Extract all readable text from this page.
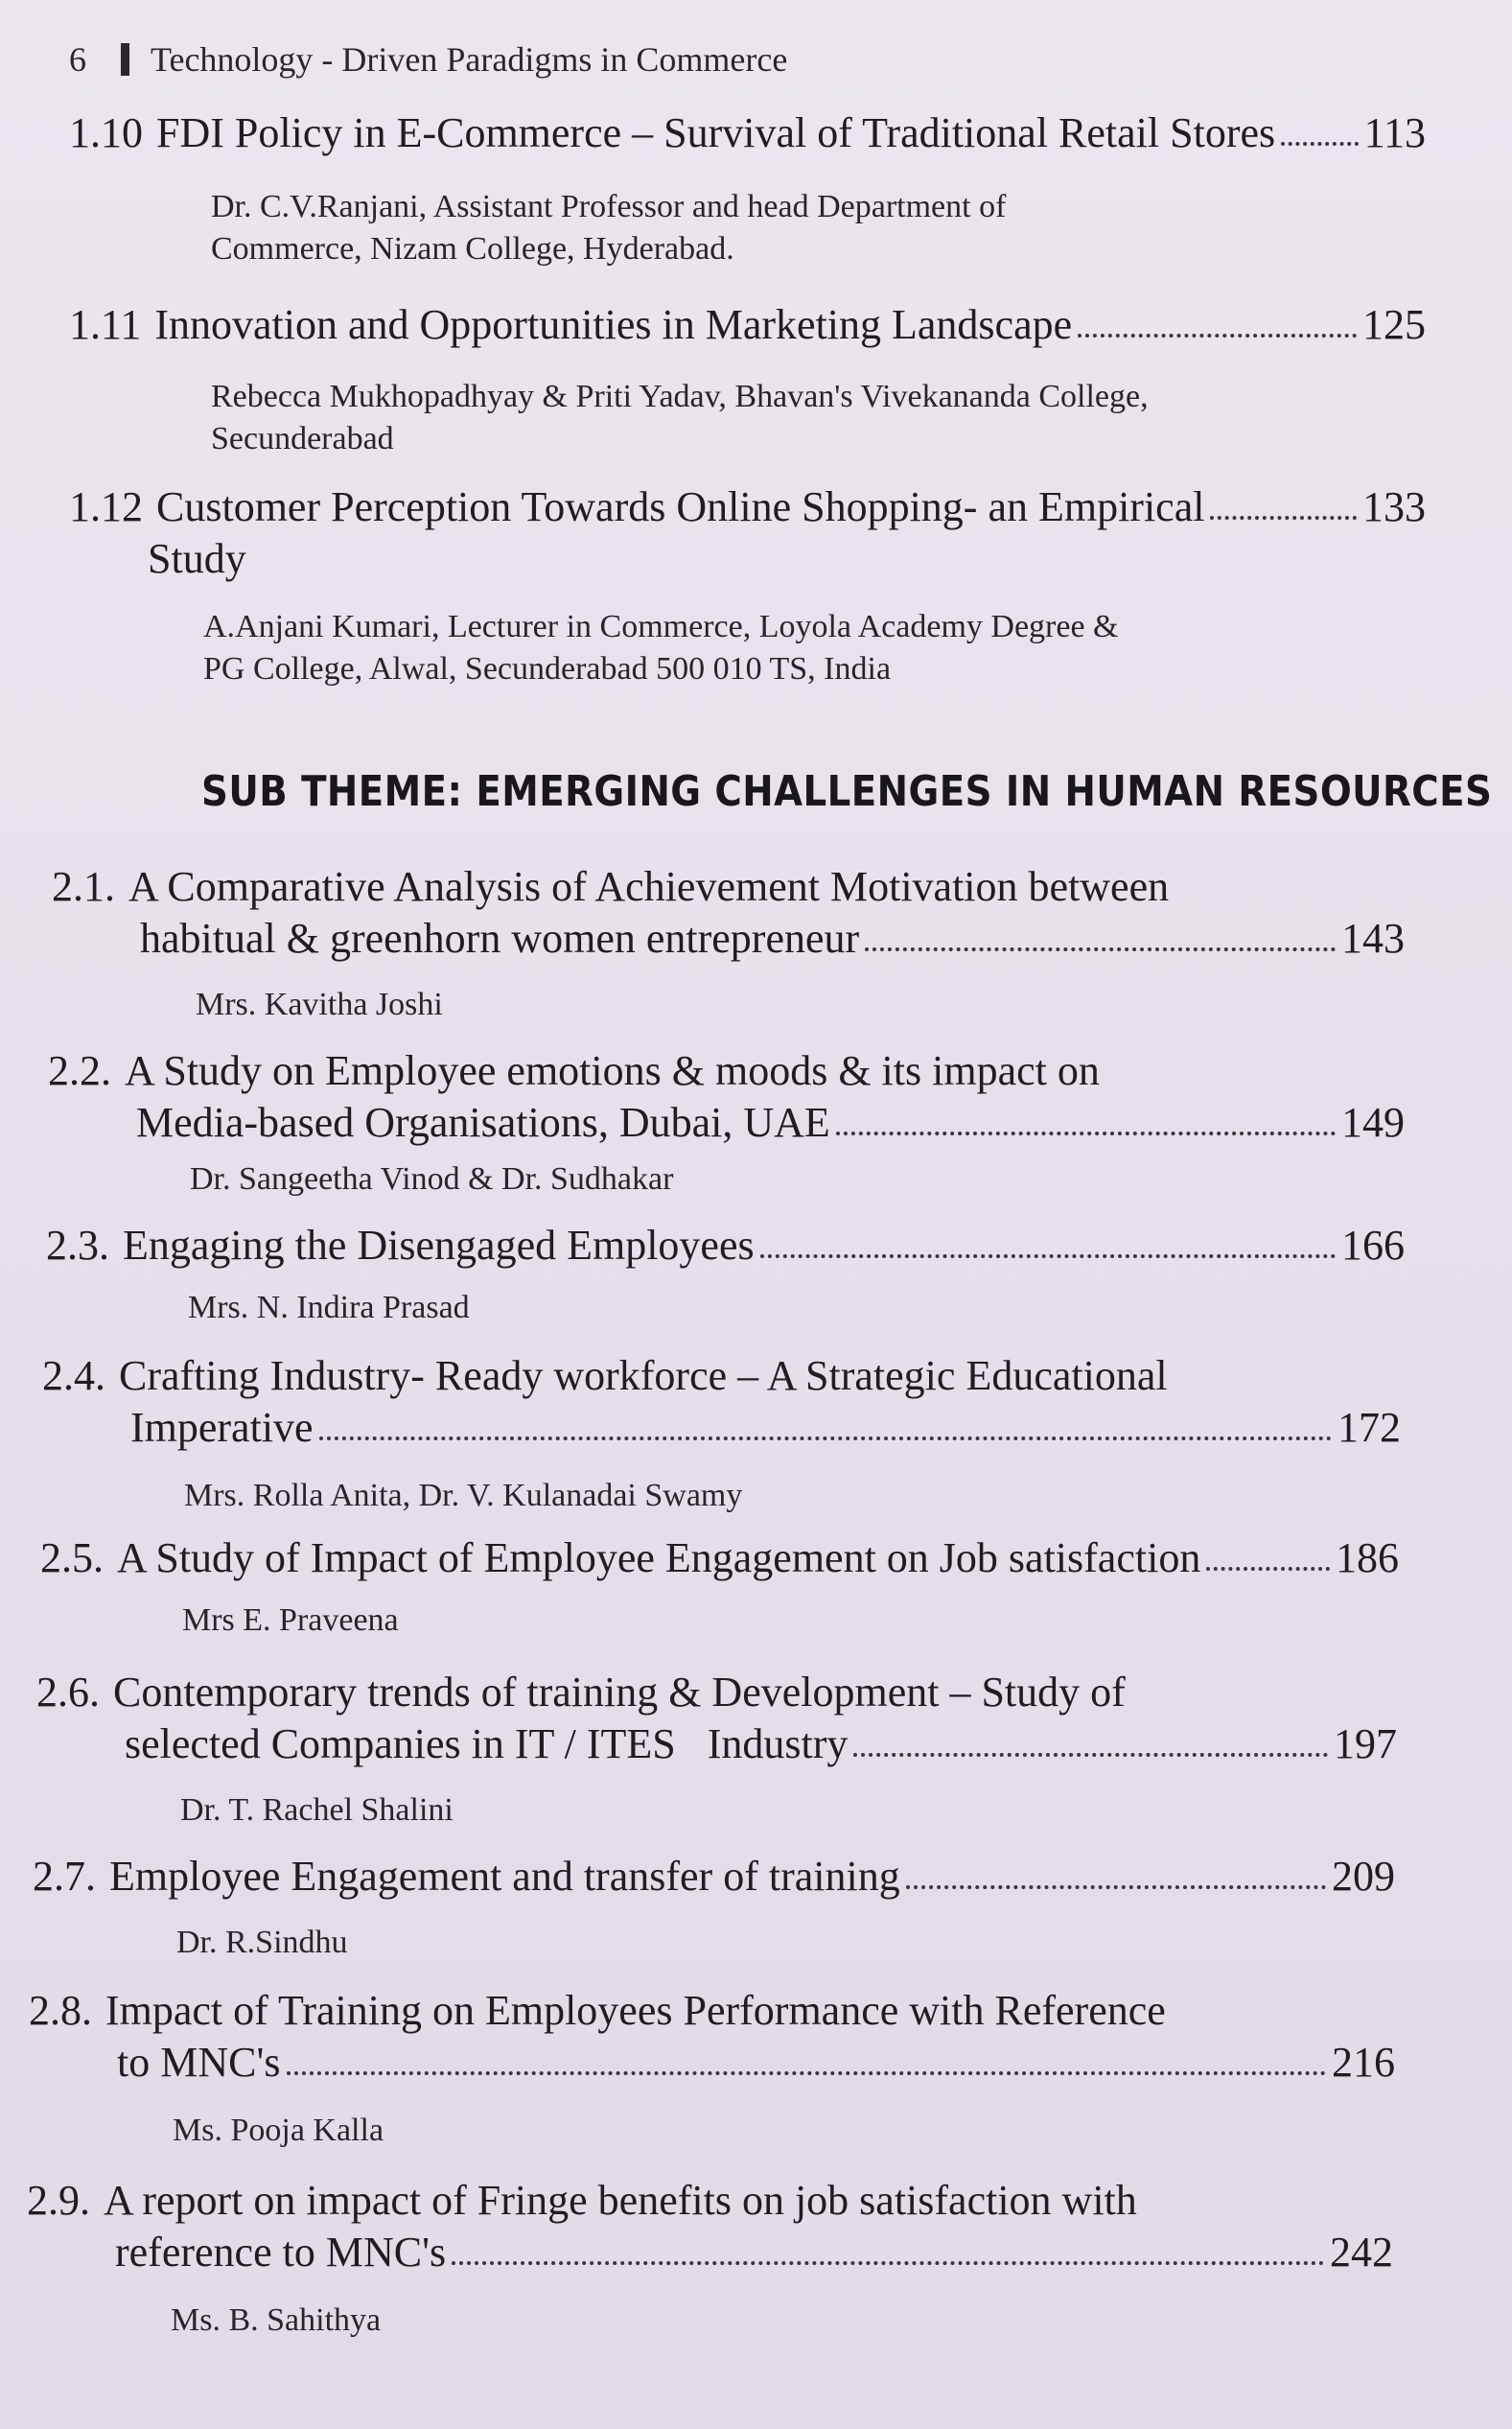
6 Technology - Driven Paradigms in Commerce
1.10 FDI Policy in E-Commerce – Survival of Traditional Retail Stores 113
Dr. C.V.Ranjani, Assistant Professor and head Department of
Commerce, Nizam College, Hyderabad.
1.11 Innovation and Opportunities in Marketing Landscape	125
Rebecca Mukhopadhyay & Priti Yadav, Bhavan's Vivekananda College,
Secunderabad
1.12 Customer Perception Towards Online Shopping- an Empirical	133
Study
A.Anjani Kumari, Lecturer in Commerce, Loyola Academy Degree &
PG College, Alwal, Secunderabad 500 010 TS, India
SUB THEME: EMERGING CHALLENGES IN HUMAN RESOURCES
2.1. A Comparative Analysis of Achievement Motivation between
habitual & greenhorn women entrepreneur	143
Mrs. Kavitha Joshi
2.2. A Study on Employee emotions & moods & its impact on
Media-based Organisations, Dubai, UAE	149
Dr. Sangeetha Vinod & Dr. Sudhakar
2.3. Engaging the Disengaged Employees	166
Mrs. N. Indira Prasad
2.4. Crafting Industry- Ready workforce – A Strategic Educational
Imperative	172
Mrs. Rolla Anita, Dr. V. Kulanadai Swamy
2.5. A Study of Impact of Employee Engagement on Job satisfaction	186
Mrs E. Praveena
2.6. Contemporary trends of training & Development – Study of
selected Companies in IT / ITES   Industry	197
Dr. T. Rachel Shalini
2.7. Employee Engagement and transfer of training	209
Dr. R.Sindhu
2.8. Impact of Training on Employees Performance with Reference
to MNC's	216
Ms. Pooja Kalla
2.9. A report on impact of Fringe benefits on job satisfaction with
reference to MNC's	242
Ms. B. Sahithya
